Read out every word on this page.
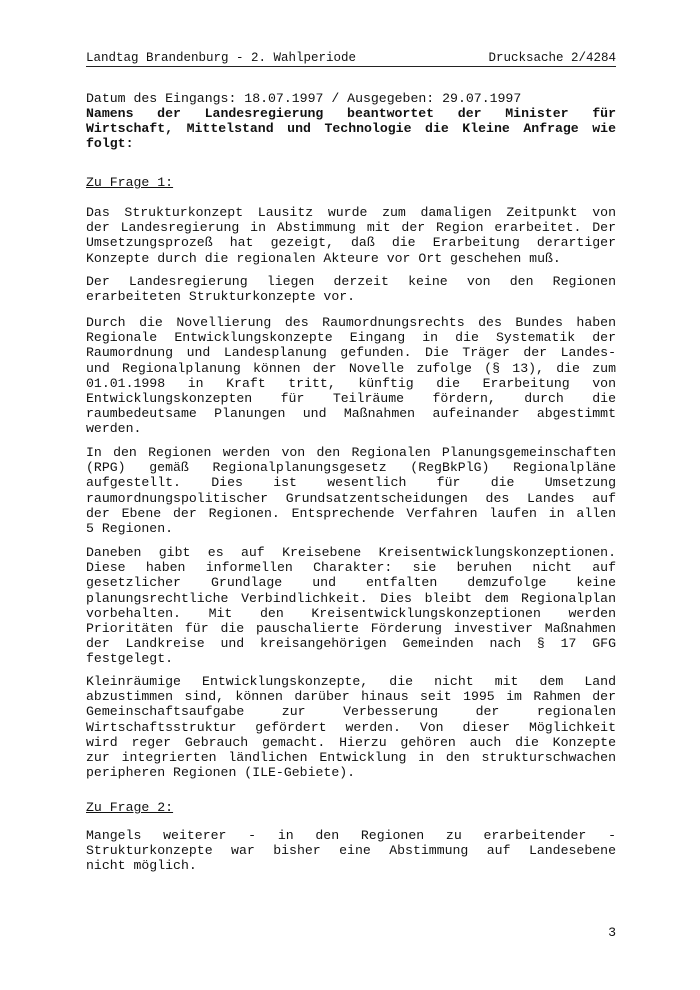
Landtag Brandenburg - 2. Wahlperiode	Drucksache 2/4284
Datum des Eingangs: 18.07.1997 / Ausgegeben: 29.07.1997
Namens der Landesregierung beantwortet der Minister für
Wirtschaft, Mittelstand und Technologie die Kleine Anfrage wie
folgt:
Zu Frage 1:
Das Strukturkonzept Lausitz wurde zum damaligen Zeitpunkt von
der Landesregierung in Abstimmung mit der Region erarbeitet. Der
Umsetzungsprozeß hat gezeigt, daß die Erarbeitung derartiger
Konzepte durch die regionalen Akteure vor Ort geschehen muß.
Der Landesregierung liegen derzeit keine von den Regionen
erarbeiteten Strukturkonzepte vor.
Durch die Novellierung des Raumordnungsrechts des Bundes haben
Regionale Entwicklungskonzepte Eingang in die Systematik der
Raumordnung und Landesplanung gefunden. Die Träger der Landes-
und Regionalplanung können der Novelle zufolge (§ 13), die zum
01.01.1998 in Kraft tritt, künftig die Erarbeitung von
Entwicklungskonzepten für Teilräume fördern, durch die
raumbedeutsame Planungen und Maßnahmen aufeinander abgestimmt
werden.
In den Regionen werden von den Regionalen Planungsgemeinschaften
(RPG) gemäß Regionalplanungsgesetz (RegBkPlG) Regionalpläne
aufgestellt. Dies ist wesentlich für die Umsetzung
raumordnungspolitischer Grundsatzentscheidungen des Landes auf
der Ebene der Regionen. Entsprechende Verfahren laufen in allen
5 Regionen.
Daneben gibt es auf Kreisebene Kreisentwicklungskonzeptionen.
Diese haben informellen Charakter: sie beruhen nicht auf
gesetzlicher Grundlage und entfalten demzufolge keine
planungsrechtliche Verbindlichkeit. Dies bleibt dem Regionalplan
vorbehalten. Mit den Kreisentwicklungskonzeptionen werden
Prioritäten für die pauschalierte Förderung investiver Maßnahmen
der Landkreise und kreisangehörigen Gemeinden nach § 17 GFG
festgelegt.
Kleinräumige Entwicklungskonzepte, die nicht mit dem Land
abzustimmen sind, können darüber hinaus seit 1995 im Rahmen der
Gemeinschaftsaufgabe zur Verbesserung der regionalen
Wirtschaftsstruktur gefördert werden. Von dieser Möglichkeit
wird reger Gebrauch gemacht. Hierzu gehören auch die Konzepte
zur integrierten ländlichen Entwicklung in den strukturschwachen
peripheren Regionen (ILE-Gebiete).
Zu Frage 2:
Mangels weiterer - in den Regionen zu erarbeitender -
Strukturkonzepte war bisher eine Abstimmung auf Landesebene
nicht möglich.
3
